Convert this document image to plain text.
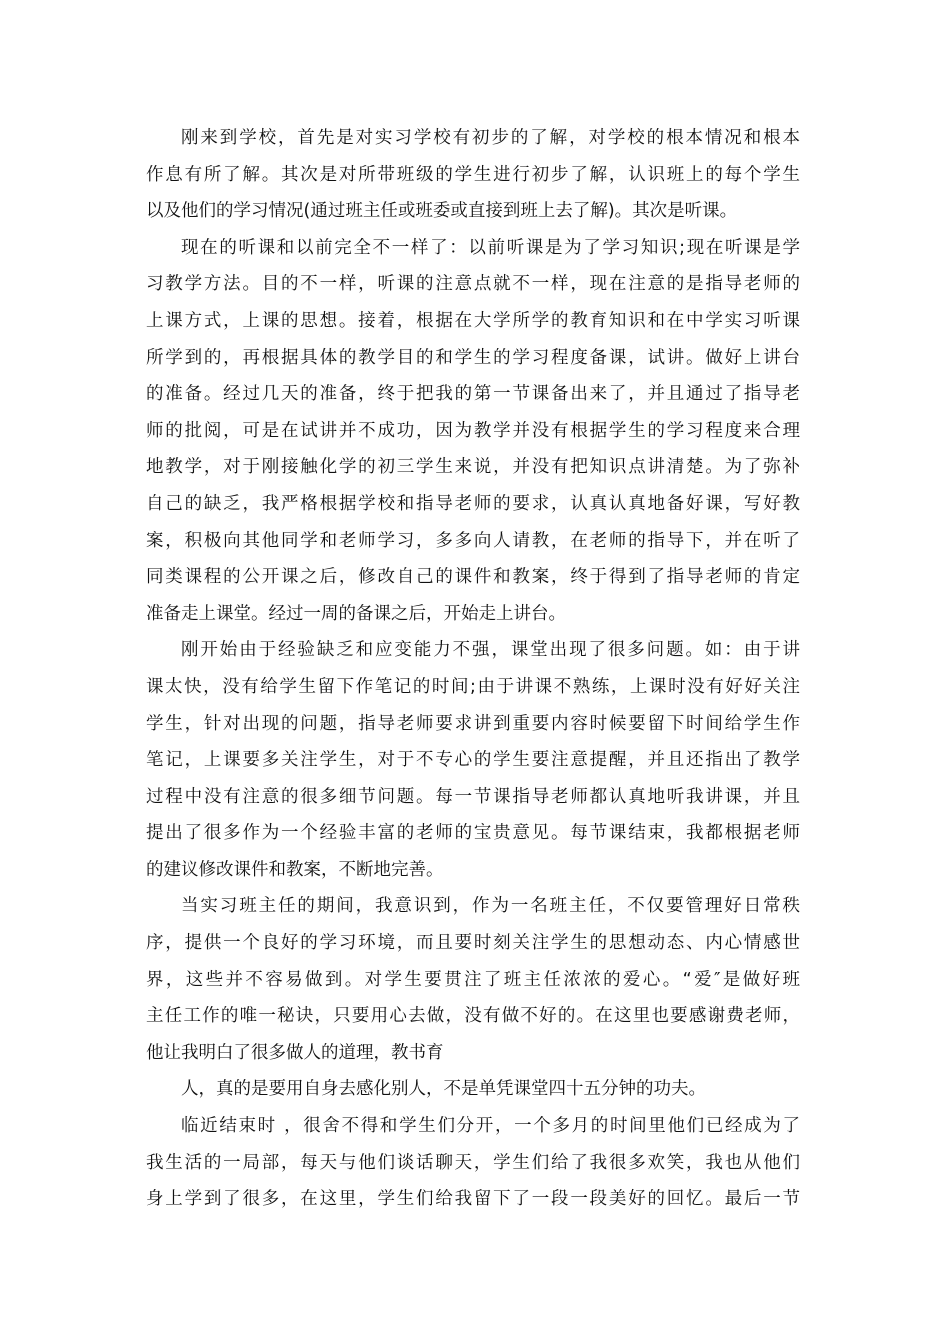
刚来到学校，首先是对实习学校有初步的了解，对学校的根本情况和根本
作息有所了解。其次是对所带班级的学生进行初步了解，认识班上的每个学生
以及他们的学习情况(通过班主任或班委或直接到班上去了解)。其次是听课。
现在的听课和以前完全不一样了：以前听课是为了学习知识;现在听课是学
习教学方法。目的不一样，听课的注意点就不一样，现在注意的是指导老师的
上课方式，上课的思想。接着，根据在大学所学的教育知识和在中学实习听课
所学到的，再根据具体的教学目的和学生的学习程度备课，试讲。做好上讲台
的准备。经过几天的准备，终于把我的第一节课备出来了，并且通过了指导老
师的批阅，可是在试讲并不成功，因为教学并没有根据学生的学习程度来合理
地教学，对于刚接触化学的初三学生来说，并没有把知识点讲清楚。为了弥补
自己的缺乏，我严格根据学校和指导老师的要求，认真认真地备好课，写好教
案，积极向其他同学和老师学习，多多向人请教，在老师的指导下，并在听了
同类课程的公开课之后，修改自己的课件和教案，终于得到了指导老师的肯定
准备走上课堂。经过一周的备课之后，开始走上讲台。
刚开始由于经验缺乏和应变能力不强，课堂出现了很多问题。如：由于讲
课太快，没有给学生留下作笔记的时间;由于讲课不熟练，上课时没有好好关注
学生，针对出现的问题，指导老师要求讲到重要内容时候要留下时间给学生作
笔记，上课要多关注学生，对于不专心的学生要注意提醒，并且还指出了教学
过程中没有注意的很多细节问题。每一节课指导老师都认真地听我讲课，并且
提出了很多作为一个经验丰富的老师的宝贵意见。每节课结束，我都根据老师
的建议修改课件和教案，不断地完善。
当实习班主任的期间，我意识到，作为一名班主任，不仅要管理好日常秩
序，提供一个良好的学习环境，而且要时刻关注学生的思想动态、内心情感世
界，这些并不容易做到。对学生要贯注了班主任浓浓的爱心。“爱″是做好班
主任工作的唯一秘诀，只要用心去做，没有做不好的。在这里也要感谢费老师，
他让我明白了很多做人的道理，教书育
人，真的是要用自身去感化别人，不是单凭课堂四十五分钟的功夫。
临近结束时 ，很舍不得和学生们分开，一个多月的时间里他们已经成为了
我生活的一局部，每天与他们谈话聊天，学生们给了我很多欢笑，我也从他们
身上学到了很多，在这里，学生们给我留下了一段一段美好的回忆。最后一节
